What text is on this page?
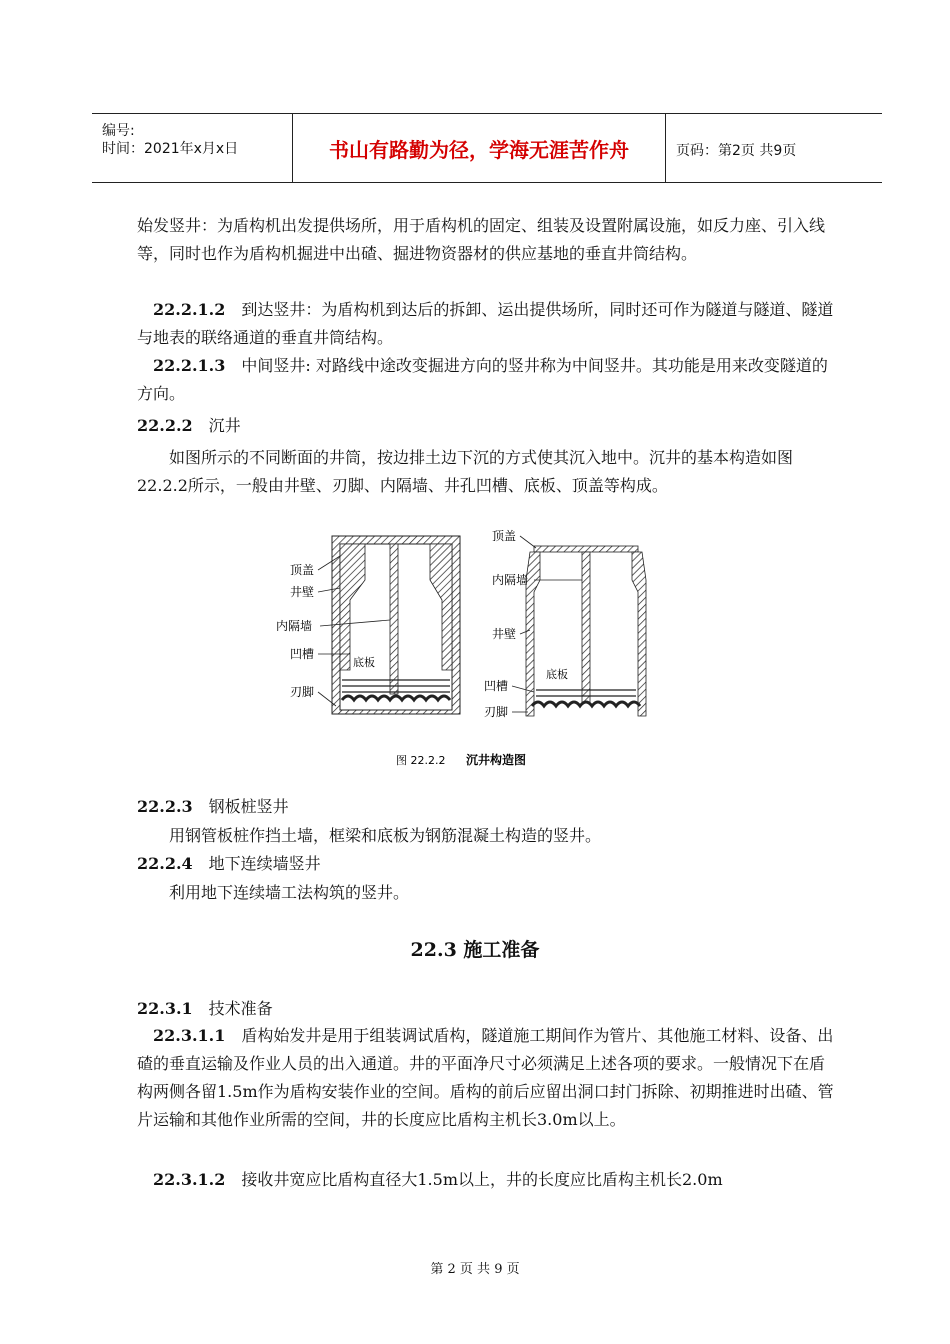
编号:
时间：2021年x月x日	书山有路勤为径，学海无涯苦作舟	页码：第2页 共9页
始发竖井：为盾构机出发提供场所，用于盾构机的固定、组装及设置附属设施，如反力座、引入线等，同时也作为盾构机掘进中出碴、掘进物资器材的供应基地的垂直井筒结构。
22.2.1.2 到达竖井：为盾构机到达后的拆卸、运出提供场所，同时还可作为隧道与隧道、隧道与地表的联络通道的垂直井筒结构。
22.2.1.3 中间竖井: 对路线中途改变掘进方向的竖井称为中间竖井。其功能是用来改变隧道的方向。
22.2.2 沉井
如图所示的不同断面的井筒，按边排土边下沉的方式使其沉入地中。沉井的基本构造如图22.2.2所示，一般由井壁、刃脚、内隔墙、井孔凹槽、底板、顶盖等构成。
底板
顶盖
井壁
内隔墙
凹槽
刃脚
底板
顶盖
内隔墙
井壁
凹槽
刃脚
图 22.2.2 沉井构造图
22.2.3 钢板桩竖井
用钢管板桩作挡土墙，框梁和底板为钢筋混凝土构造的竖井。
22.2.4 地下连续墙竖井
利用地下连续墙工法构筑的竖井。
22.3 施工准备
22.3.1 技术准备
22.3.1.1 盾构始发井是用于组装调试盾构，隧道施工期间作为管片、其他施工材料、设备、出碴的垂直运输及作业人员的出入通道。井的平面净尺寸必须满足上述各项的要求。一般情况下在盾构两侧各留1.5m作为盾构安装作业的空间。盾构的前后应留出洞口封门拆除、初期推进时出碴、管片运输和其他作业所需的空间，井的长度应比盾构主机长3.0m以上。
22.3.1.2 接收井宽应比盾构直径大1.5m以上，井的长度应比盾构主机长2.0m
第 2 页 共 9 页
